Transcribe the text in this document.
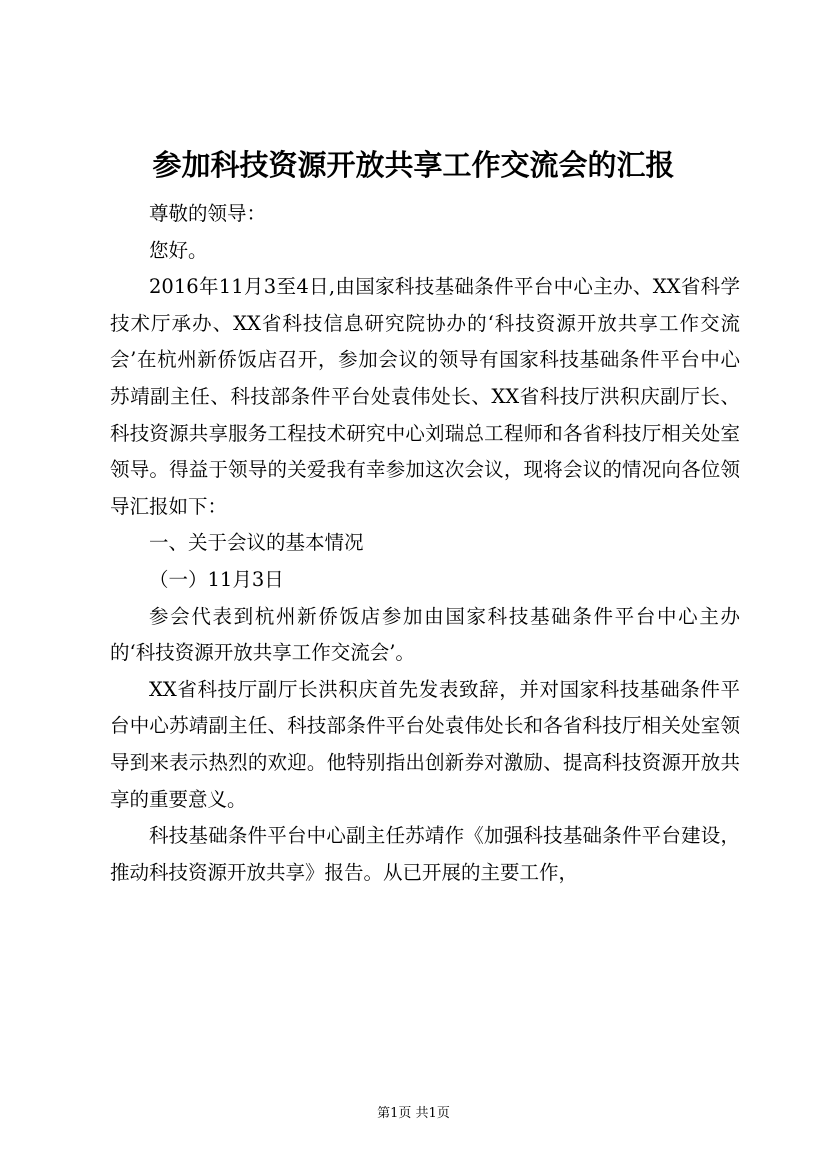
参加科技资源开放共享工作交流会的汇报

尊敬的领导：

您好。

2016年11月3至4日,由国家科技基础条件平台中心主办、XX省科学技术厅承办、XX省科技信息研究院协办的‘科技资源开放共享工作交流会’在杭州新侨饭店召开，参加会议的领导有国家科技基础条件平台中心苏靖副主任、科技部条件平台处袁伟处长、XX省科技厅洪积庆副厅长、科技资源共享服务工程技术研究中心刘瑞总工程师和各省科技厅相关处室领导。得益于领导的关爱我有幸参加这次会议，现将会议的情况向各位领导汇报如下：

一、关于会议的基本情况

（一）11月3日

参会代表到杭州新侨饭店参加由国家科技基础条件平台中心主办的‘科技资源开放共享工作交流会’。

XX省科技厅副厅长洪积庆首先发表致辞，并对国家科技基础条件平台中心苏靖副主任、科技部条件平台处袁伟处长和各省科技厅相关处室领导到来表示热烈的欢迎。他特别指出创新券对激励、提高科技资源开放共享的重要意义。

科技基础条件平台中心副主任苏靖作《加强科技基础条件平台建设，推动科技资源开放共享》报告。从已开展的主要工作，

第1页 共1页
